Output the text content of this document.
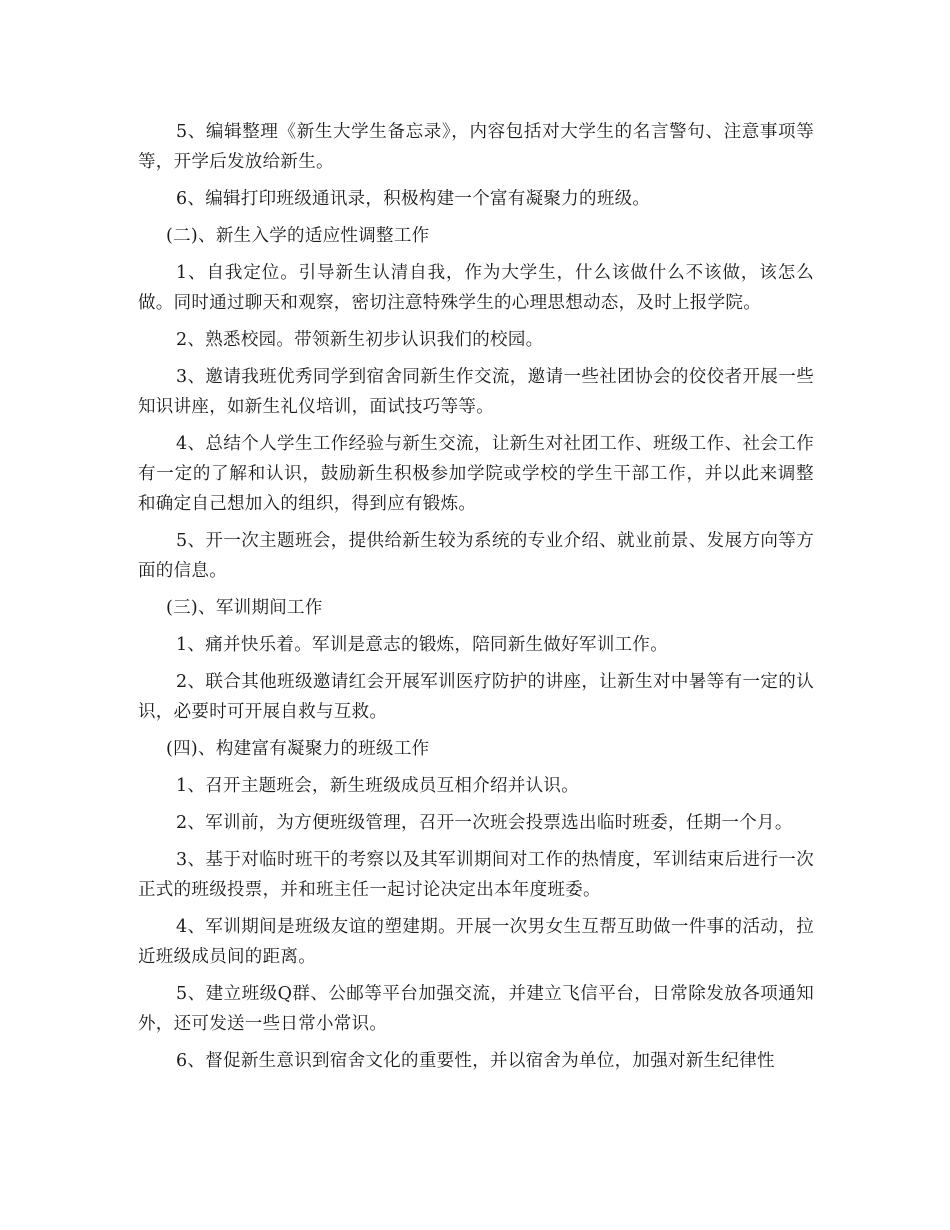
5、编辑整理《新生大学生备忘录》，内容包括对大学生的名言警句、注意事项等等，开学后发放给新生。

6、编辑打印班级通讯录，积极构建一个富有凝聚力的班级。

(二)、新生入学的适应性调整工作

1、自我定位。引导新生认清自我，作为大学生，什么该做什么不该做，该怎么做。同时通过聊天和观察，密切注意特殊学生的心理思想动态，及时上报学院。

2、熟悉校园。带领新生初步认识我们的校园。

3、邀请我班优秀同学到宿舍同新生作交流，邀请一些社团协会的佼佼者开展一些知识讲座，如新生礼仪培训，面试技巧等等。

4、总结个人学生工作经验与新生交流，让新生对社团工作、班级工作、社会工作有一定的了解和认识，鼓励新生积极参加学院或学校的学生干部工作，并以此来调整和确定自己想加入的组织，得到应有锻炼。

5、开一次主题班会，提供给新生较为系统的专业介绍、就业前景、发展方向等方面的信息。

(三)、军训期间工作

1、痛并快乐着。军训是意志的锻炼，陪同新生做好军训工作。

2、联合其他班级邀请红会开展军训医疗防护的讲座，让新生对中暑等有一定的认识，必要时可开展自救与互救。

(四)、构建富有凝聚力的班级工作

1、召开主题班会，新生班级成员互相介绍并认识。

2、军训前，为方便班级管理，召开一次班会投票选出临时班委，任期一个月。

3、基于对临时班干的考察以及其军训期间对工作的热情度，军训结束后进行一次正式的班级投票，并和班主任一起讨论决定出本年度班委。

4、军训期间是班级友谊的塑建期。开展一次男女生互帮互助做一件事的活动，拉近班级成员间的距离。

5、建立班级Q群、公邮等平台加强交流，并建立飞信平台，日常除发放各项通知外，还可发送一些日常小常识。

6、督促新生意识到宿舍文化的重要性，并以宿舍为单位，加强对新生纪律性
